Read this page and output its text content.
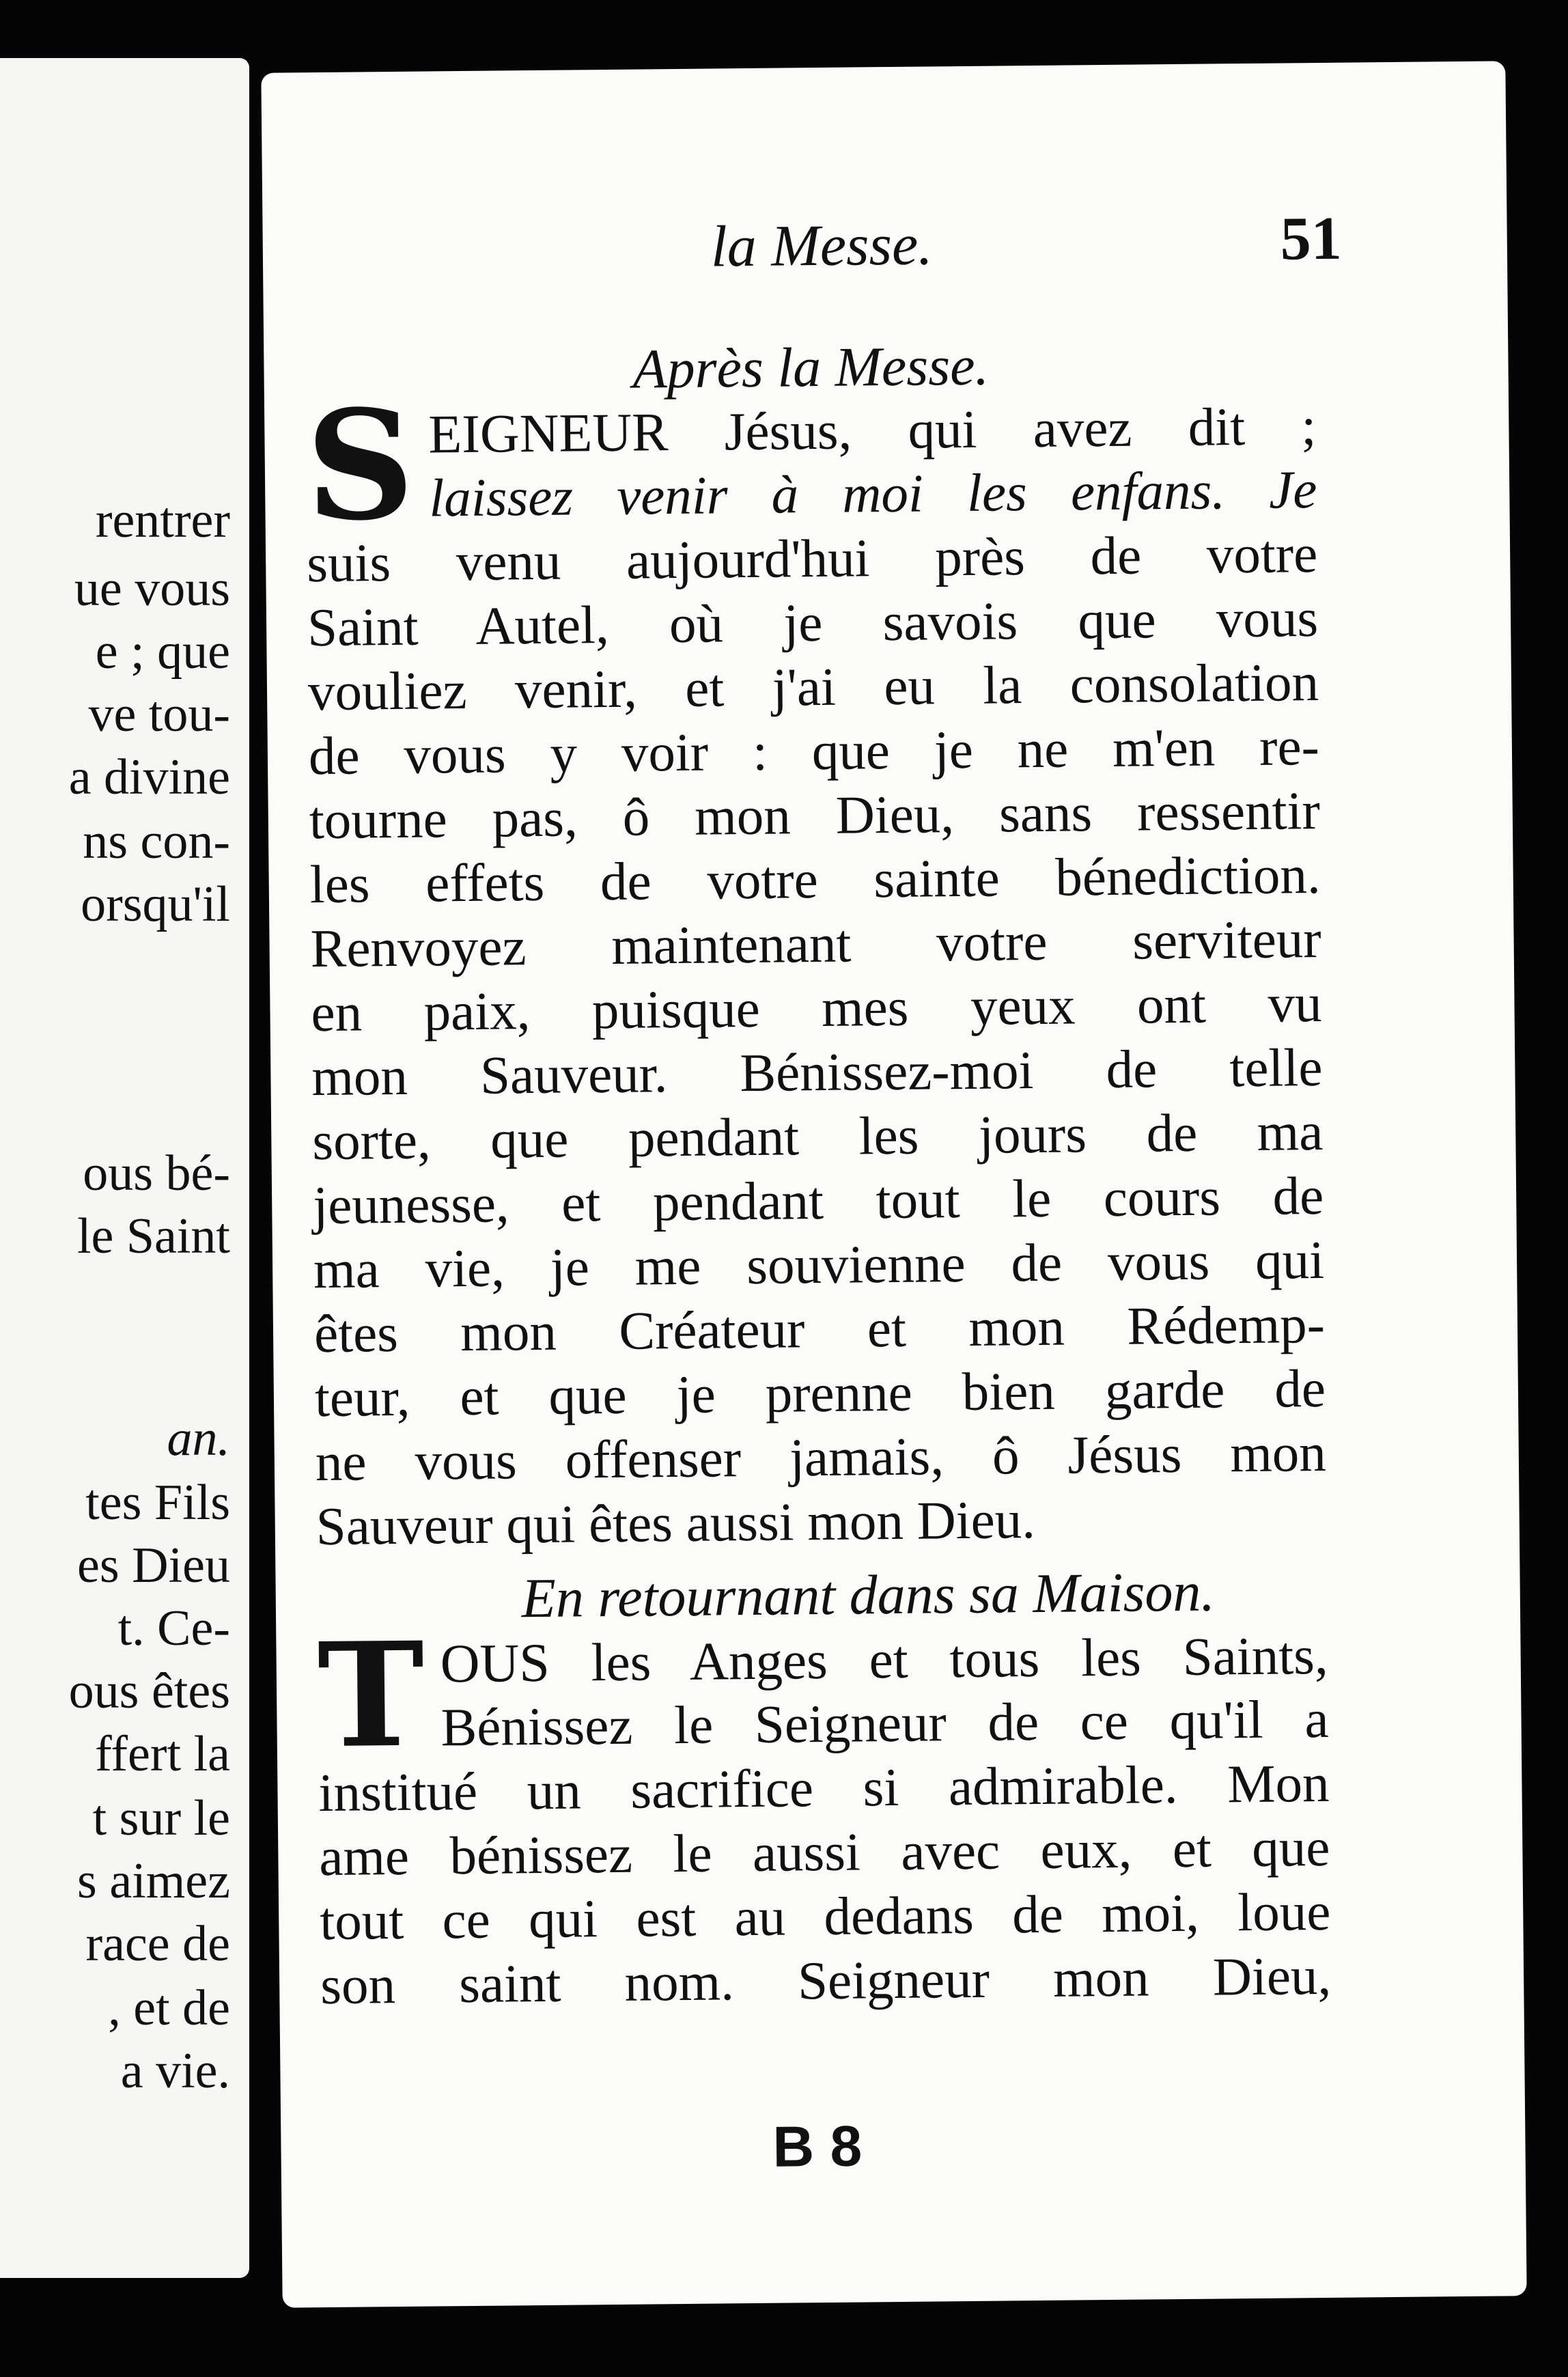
rentrer
ue vous
e ; que
ve tou-
a divine
ns con-
orsqu'il
ous bé-
le Saint
an.
tes Fils
es Dieu
t. Ce-
ous êtes
ffert la
t sur le
s aimez
race de
, et de
a vie.
la Messe.	51
Après la Messe.
S EIGNEUR Jésus, qui avez dit ;
laissez venir à moi les enfans. Je
suis venu aujourd'hui près de votre
Saint Autel, où je savois que vous
vouliez venir, et j'ai eu la consolation
de vous y voir : que je ne m'en re-
tourne pas, ô mon Dieu, sans ressentir
les effets de votre sainte bénediction.
Renvoyez maintenant votre serviteur
en paix, puisque mes yeux ont vu
mon Sauveur. Bénissez-moi de telle
sorte, que pendant les jours de ma
jeunesse, et pendant tout le cours de
ma vie, je me souvienne de vous qui
êtes mon Créateur et mon Rédemp-
teur, et que je prenne bien garde de
ne vous offenser jamais, ô Jésus mon
Sauveur qui êtes aussi mon Dieu.
En retournant dans sa Maison.
T OUS les Anges et tous les Saints,
Bénissez le Seigneur de ce qu'il a
institué un sacrifice si admirable. Mon
ame bénissez le aussi avec eux, et que
tout ce qui est au dedans de moi, loue
son saint nom. Seigneur mon Dieu,
B 8
